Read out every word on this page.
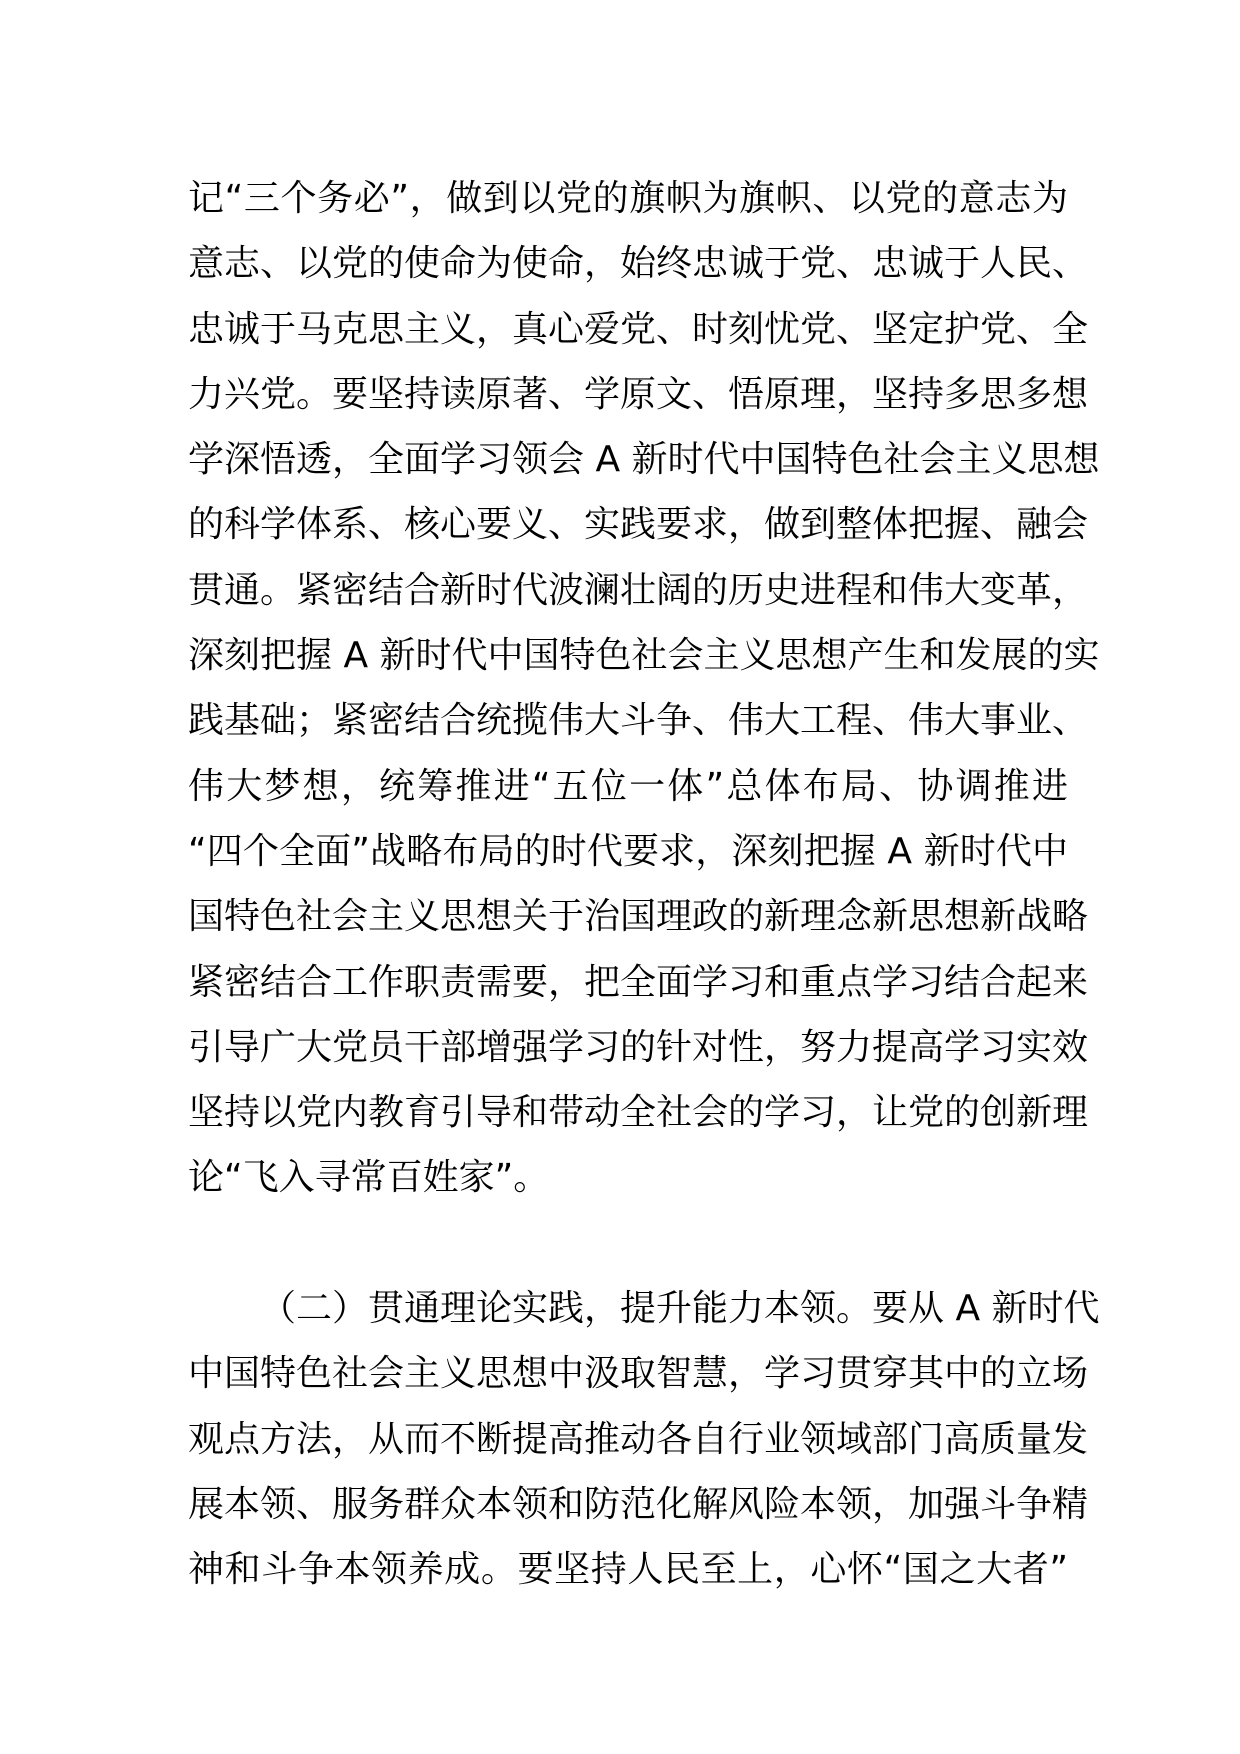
记“三个务必”，做到以党的旗帜为旗帜、以党的意志为
意志、以党的使命为使命，始终忠诚于党、忠诚于人民、
忠诚于马克思主义，真心爱党、时刻忧党、坚定护党、全
力兴党。要坚持读原著、学原文、悟原理，坚持多思多想
学深悟透，全面学习领会 A 新时代中国特色社会主义思想
的科学体系、核心要义、实践要求，做到整体把握、融会
贯通。紧密结合新时代波澜壮阔的历史进程和伟大变革，
深刻把握 A 新时代中国特色社会主义思想产生和发展的实
践基础；紧密结合统揽伟大斗争、伟大工程、伟大事业、
伟大梦想，统筹推进“五位一体”总体布局、协调推进
“四个全面”战略布局的时代要求，深刻把握 A 新时代中
国特色社会主义思想关于治国理政的新理念新思想新战略
紧密结合工作职责需要，把全面学习和重点学习结合起来
引导广大党员干部增强学习的针对性，努力提高学习实效
坚持以党内教育引导和带动全社会的学习，让党的创新理
论“飞入寻常百姓家”。
（二）贯通理论实践，提升能力本领。要从 A 新时代
中国特色社会主义思想中汲取智慧，学习贯穿其中的立场
观点方法，从而不断提高推动各自行业领域部门高质量发
展本领、服务群众本领和防范化解风险本领，加强斗争精
神和斗争本领养成。要坚持人民至上，心怀“国之大者”
